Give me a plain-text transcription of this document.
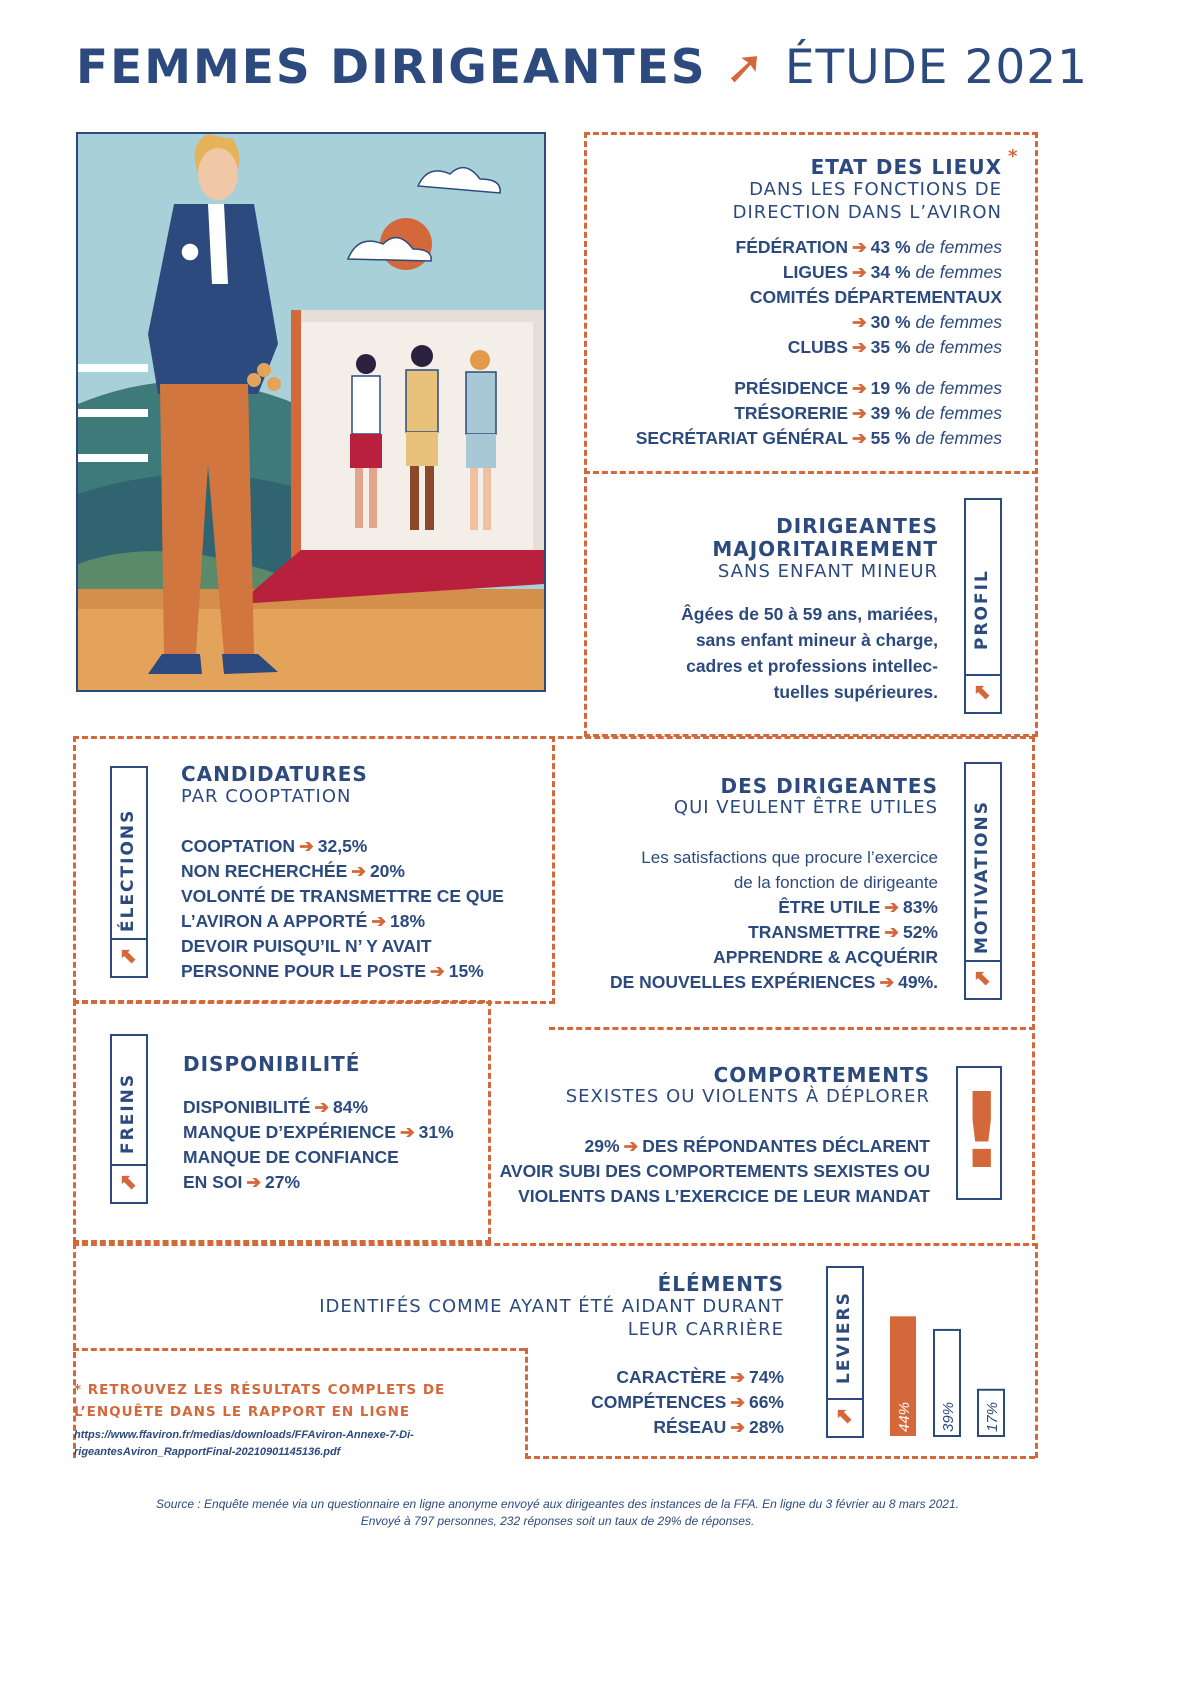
FEMMES DIRIGEANTES ➚ ÉTUDE 2021
ETAT DES LIEUX *
DANS LES FONCTIONS DE
DIRECTION DANS L’AVIRON
FÉDÉRATION ➔ 43 % de femmes
LIGUES ➔ 34 % de femmes
COMITÉS DÉPARTEMENTAUX
➔ 30 % de femmes
CLUBS ➔ 35 % de femmes
PRÉSIDENCE ➔ 19 % de femmes
TRÉSORERIE ➔ 39 % de femmes
SECRÉTARIAT GÉNÉRAL ➔ 55 % de femmes
DIRIGEANTES
MAJORITAIREMENT
SANS ENFANT MINEUR
Âgées de 50 à 59 ans, mariées,
sans enfant mineur à charge,
cadres et professions intellec-
tuelles supérieures.
PROFIL
⬉
ÉLECTIONS
⬉
CANDIDATURES
PAR COOPTATION
COOPTATION ➔ 32,5%
NON RECHERCHÉE ➔ 20%
VOLONTÉ DE TRANSMETTRE CE QUE
L’AVIRON A APPORTÉ ➔ 18%
DEVOIR PUISQU’IL N’ Y AVAIT
PERSONNE POUR LE POSTE ➔ 15%
DES DIRIGEANTES
QUI VEULENT ÊTRE UTILES
Les satisfactions que procure l’exercice
de la fonction de dirigeante
ÊTRE UTILE ➔ 83%
TRANSMETTRE ➔ 52%
APPRENDRE & ACQUÉRIR
DE NOUVELLES EXPÉRIENCES ➔ 49%.
MOTIVATIONS
⬉
FREINS
⬉
DISPONIBILITÉ
DISPONIBILITÉ ➔ 84%
MANQUE D’EXPÉRIENCE ➔ 31%
MANQUE DE CONFIANCE
EN SOI ➔ 27%
COMPORTEMENTS
SEXISTES OU VIOLENTS À DÉPLORER
29% ➔ DES RÉPONDANTES DÉCLARENT
AVOIR SUBI DES COMPORTEMENTS SEXISTES OU
VIOLENTS DANS L’EXERCICE DE LEUR MANDAT
!
ÉLÉMENTS
IDENTIFÉS COMME AYANT ÉTÉ AIDANT DURANT
LEUR CARRIÈRE
CARACTÈRE ➔ 74%
COMPÉTENCES ➔ 66%
RÉSEAU ➔ 28%
LEVIERS
⬉	44% 39% 17%
* RETROUVEZ LES RÉSULTATS COMPLETS DE
L’ENQUÊTE DANS LE RAPPORT EN LIGNE
https://www.ffaviron.fr/medias/downloads/FFAviron-Annexe-7-Di-
rigeantesAviron_RapportFinal-20210901145136.pdf
Source : Enquête menée via un questionnaire en ligne anonyme envoyé aux dirigeantes des instances de la FFA. En ligne du 3 février au 8 mars 2021.
Envoyé à 797 personnes, 232 réponses soit un taux de 29% de réponses.
